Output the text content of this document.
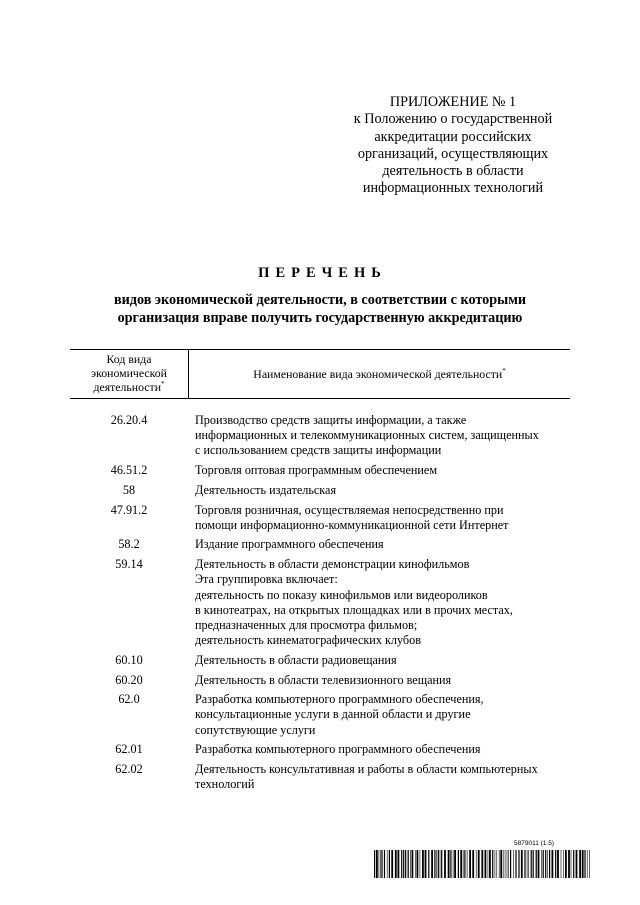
ПРИЛОЖЕНИЕ № 1
к Положению о государственной
аккредитации российских
организаций, осуществляющих
деятельность в области
информационных технологий
ПЕРЕЧЕНЬ
видов экономической деятельности, в соответствии с которыми
организация вправе получить государственную аккредитацию
Код вида
экономической
деятельности*
Наименование вида экономической деятельности*
26.20.4	Производство средств защиты информации, а также
информационных и телекоммуникационных систем, защищенных
с использованием средств защиты информации
46.51.2	Торговля оптовая программным обеспечением
58	Деятельность издательская
47.91.2	Торговля розничная, осуществляемая непосредственно при
помощи информационно-коммуникационной сети Интернет
58.2	Издание программного обеспечения
59.14	Деятельность в области демонстрации кинофильмов
Эта группировка включает:
деятельность по показу кинофильмов или видеороликов
в кинотеатрах, на открытых площадках или в прочих местах,
предназначенных для просмотра фильмов;
деятельность кинематографических клубов
60.10	Деятельность в области радиовещания
60.20	Деятельность в области телевизионного вещания
62.0	Разработка компьютерного программного обеспечения,
консультационные услуги в данной области и другие
сопутствующие услуги
62.01	Разработка компьютерного программного обеспечения
62.02	Деятельность консультативная и работы в области компьютерных
технологий
5879011 (1.5)
